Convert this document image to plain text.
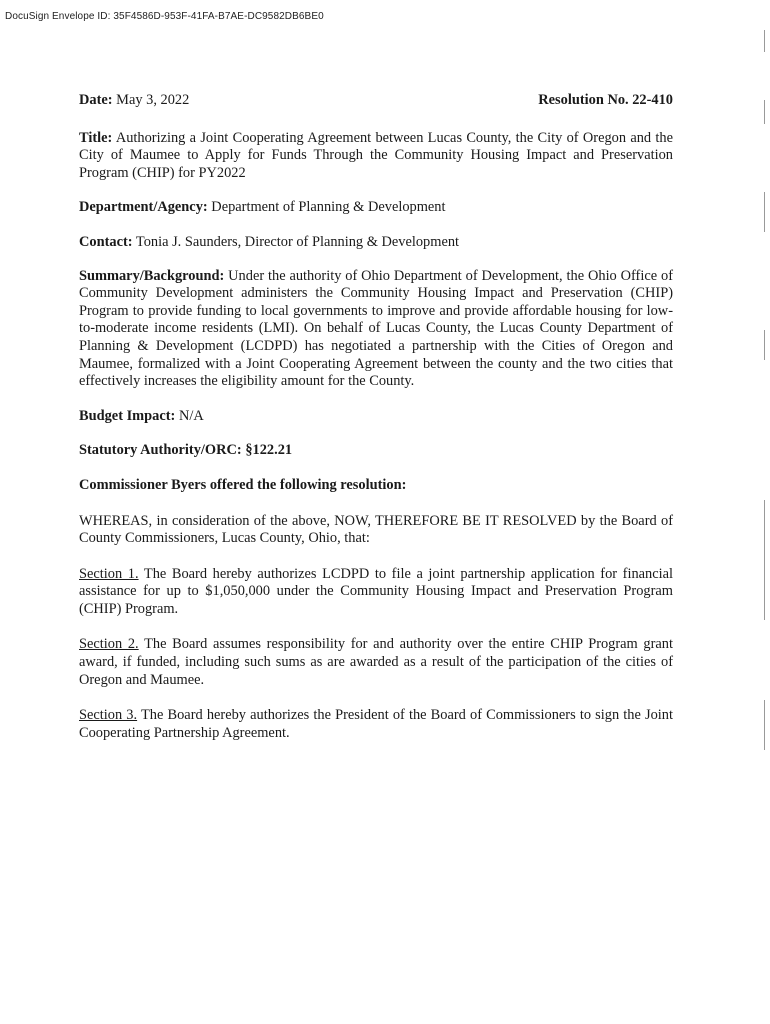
DocuSign Envelope ID: 35F4586D-953F-41FA-B7AE-DC9582DB6BE0
Date: May 3, 2022	Resolution No. 22-410

Title: Authorizing a Joint Cooperating Agreement between Lucas County, the City of Oregon and the City of Maumee to Apply for Funds Through the Community Housing Impact and Preservation Program (CHIP) for PY2022

Department/Agency: Department of Planning & Development

Contact: Tonia J. Saunders, Director of Planning & Development

Summary/Background: Under the authority of Ohio Department of Development, the Ohio Office of Community Development administers the Community Housing Impact and Preservation (CHIP) Program to provide funding to local governments to improve and provide affordable housing for low-to-moderate income residents (LMI). On behalf of Lucas County, the Lucas County Department of Planning & Development (LCDPD) has negotiated a partnership with the Cities of Oregon and Maumee, formalized with a Joint Cooperating Agreement between the county and the two cities that effectively increases the eligibility amount for the County.

Budget Impact: N/A

Statutory Authority/ORC: §122.21

Commissioner Byers offered the following resolution:

WHEREAS, in consideration of the above, NOW, THEREFORE BE IT RESOLVED by the Board of County Commissioners, Lucas County, Ohio, that:

Section 1. The Board hereby authorizes LCDPD to file a joint partnership application for financial assistance for up to $1,050,000 under the Community Housing Impact and Preservation Program (CHIP) Program.

Section 2. The Board assumes responsibility for and authority over the entire CHIP Program grant award, if funded, including such sums as are awarded as a result of the participation of the cities of Oregon and Maumee.

Section 3. The Board hereby authorizes the President of the Board of Commissioners to sign the Joint Cooperating Partnership Agreement.
